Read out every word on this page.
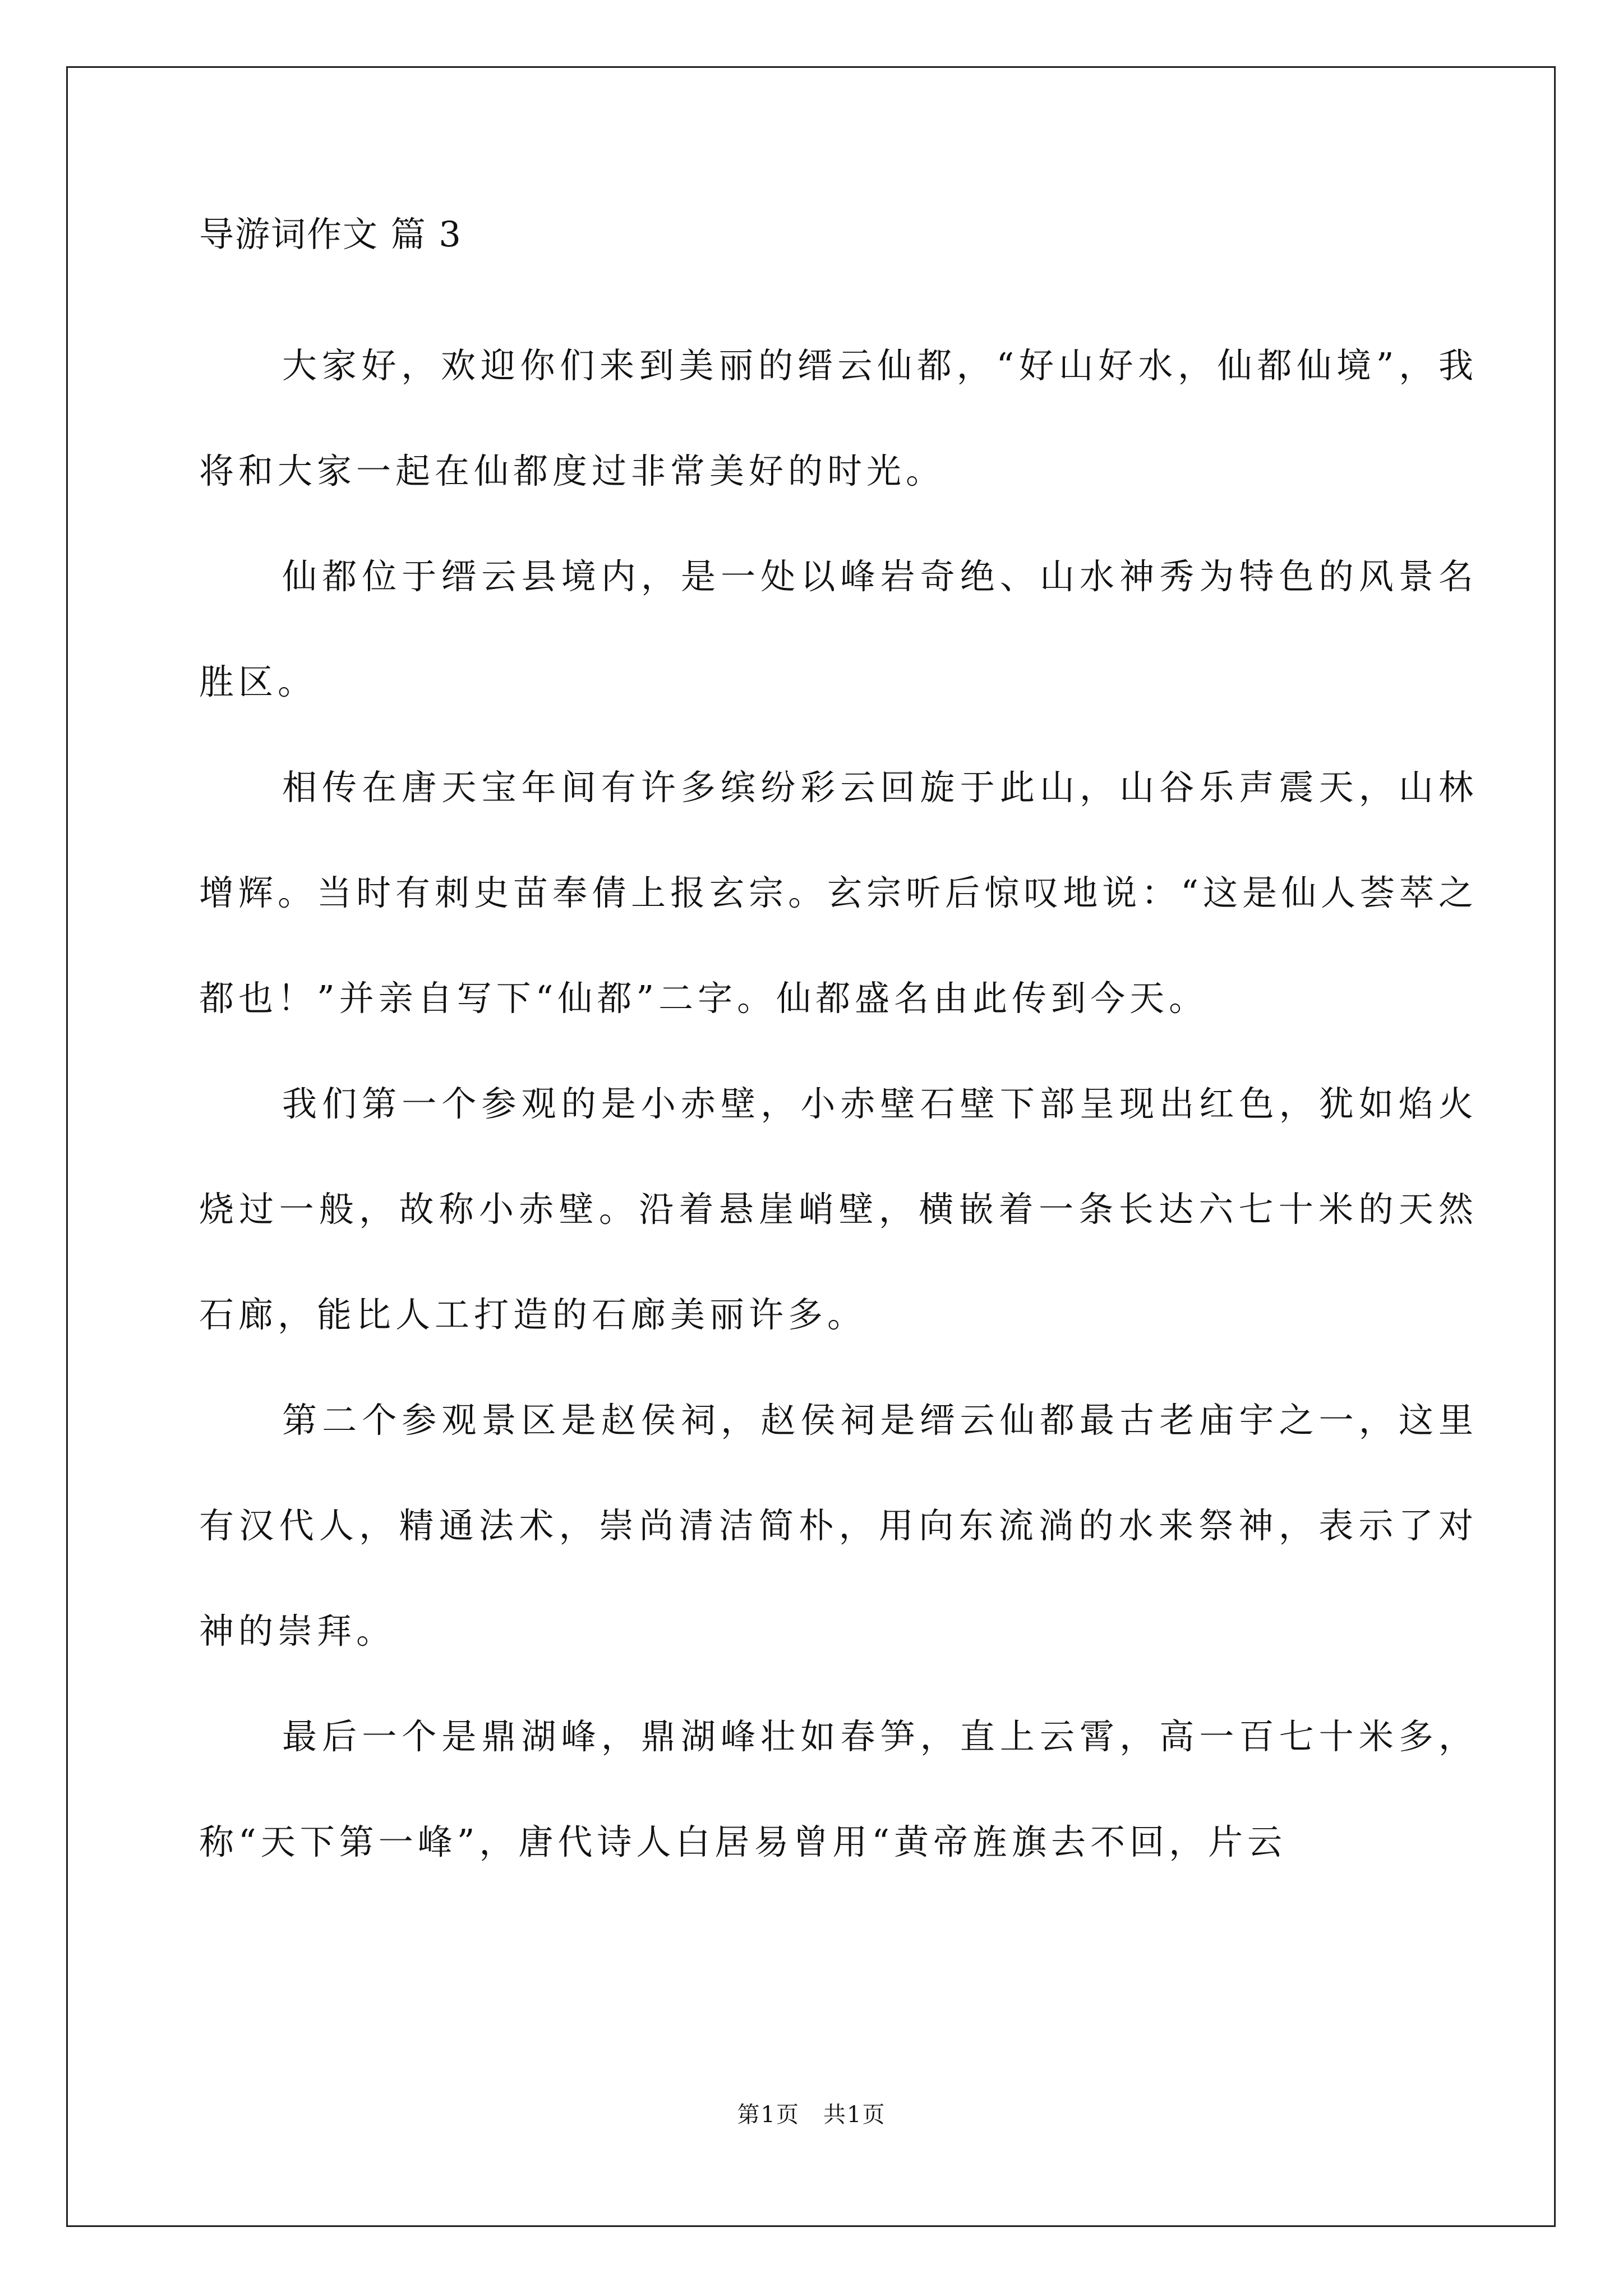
导游词作文 篇 3

大家好，欢迎你们来到美丽的缙云仙都，“好山好水，仙都仙境”，我将和大家一起在仙都度过非常美好的时光。

仙都位于缙云县境内，是一处以峰岩奇绝、山水神秀为特色的风景名胜区。

相传在唐天宝年间有许多缤纷彩云回旋于此山，山谷乐声震天，山林增辉。当时有刺史苗奉倩上报玄宗。玄宗听后惊叹地说：“这是仙人荟萃之都也！”并亲自写下“仙都”二字。仙都盛名由此传到今天。

我们第一个参观的是小赤壁，小赤壁石壁下部呈现出红色，犹如焰火烧过一般，故称小赤壁。沿着悬崖峭壁，横嵌着一条长达六七十米的天然石廊，能比人工打造的石廊美丽许多。

第二个参观景区是赵侯祠，赵侯祠是缙云仙都最古老庙宇之一，这里有汉代人，精通法术，崇尚清洁简朴，用向东流淌的水来祭神，表示了对神的崇拜。

最后一个是鼎湖峰，鼎湖峰壮如春笋，直上云霄，高一百七十米多，称“天下第一峰”，唐代诗人白居易曾用“黄帝旌旗去不回，片云

第1页　共1页
